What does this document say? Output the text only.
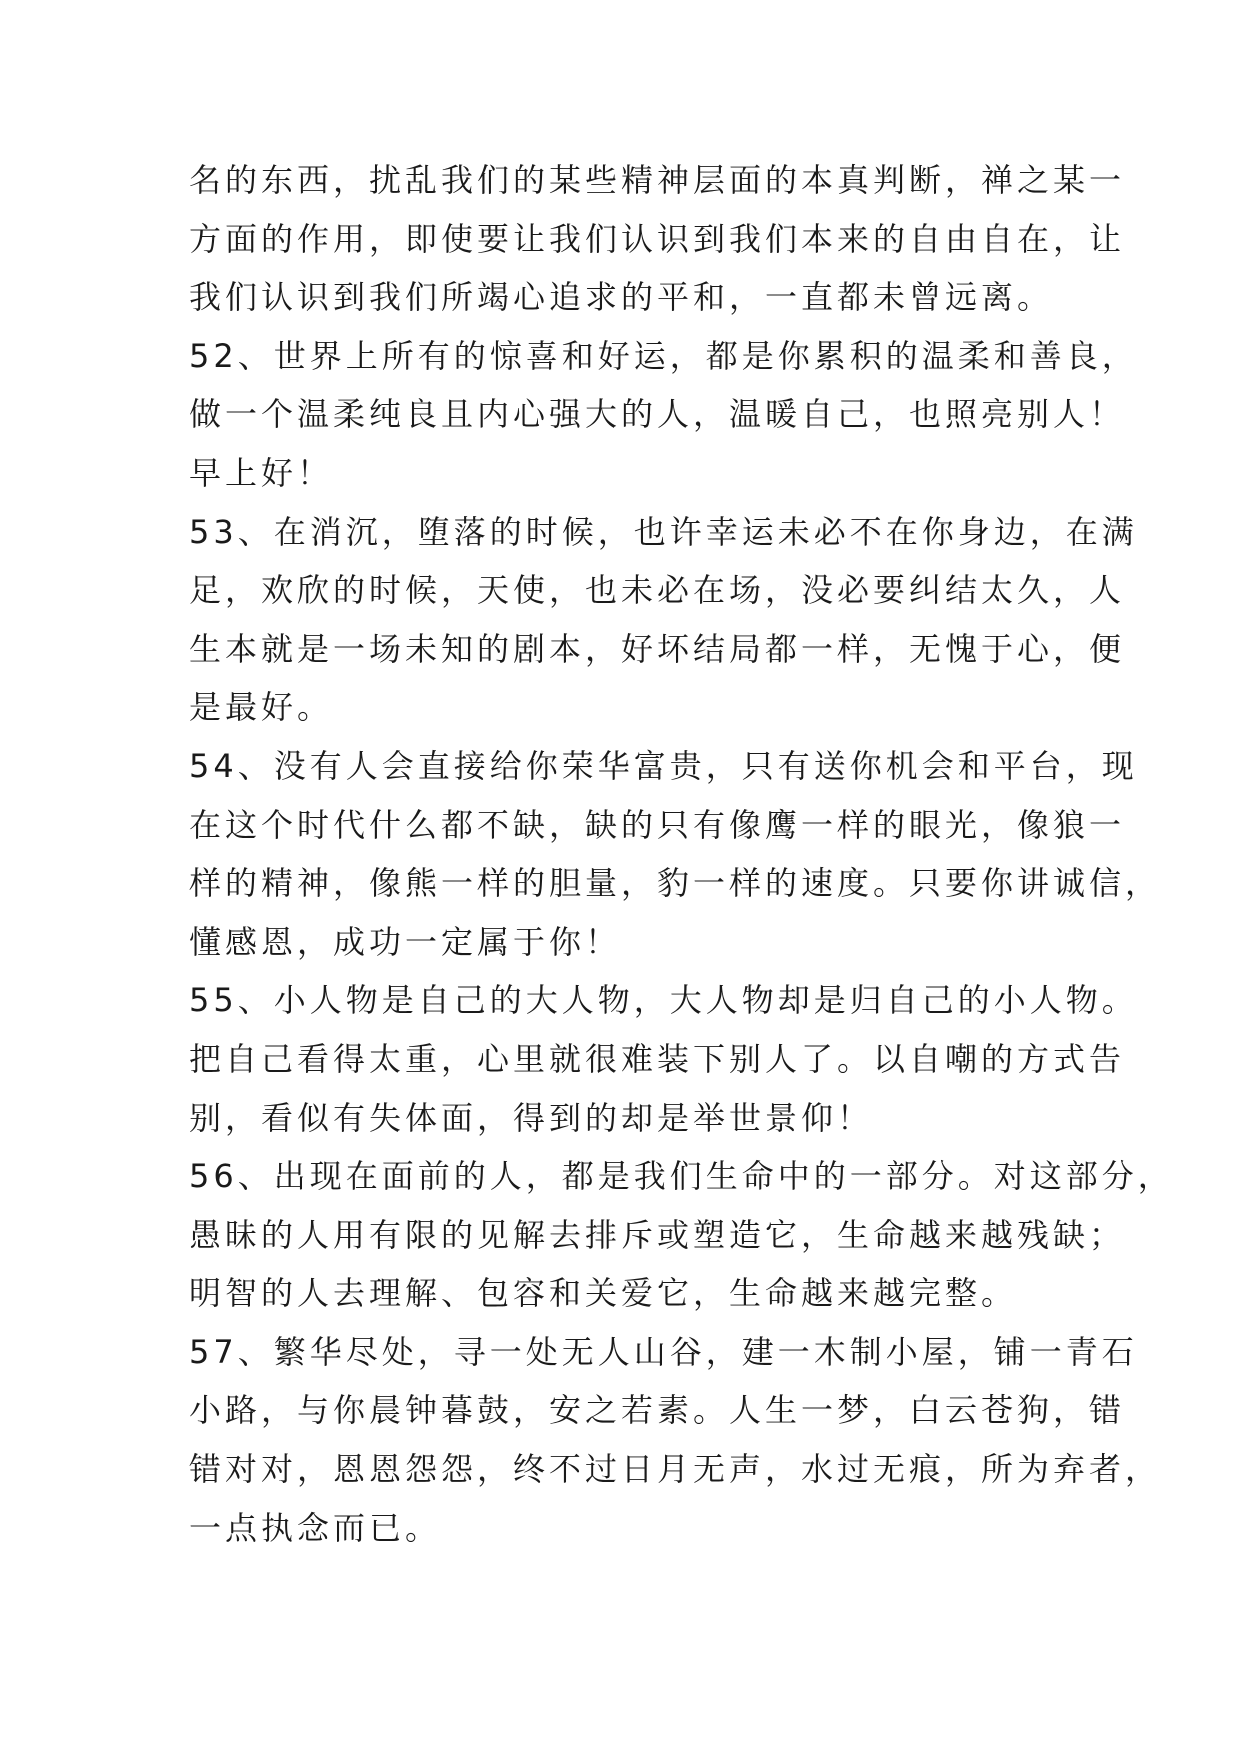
名的东西，扰乱我们的某些精神层面的本真判断，禅之某一
方面的作用，即使要让我们认识到我们本来的自由自在，让
我们认识到我们所竭心追求的平和，一直都未曾远离。
52、世界上所有的惊喜和好运，都是你累积的温柔和善良，
做一个温柔纯良且内心强大的人，温暖自己，也照亮别人！
早上好！
53、在消沉，堕落的时候，也许幸运未必不在你身边，在满
足，欢欣的时候，天使，也未必在场，没必要纠结太久，人
生本就是一场未知的剧本，好坏结局都一样，无愧于心，便
是最好。
54、没有人会直接给你荣华富贵，只有送你机会和平台，现
在这个时代什么都不缺，缺的只有像鹰一样的眼光，像狼一
样的精神，像熊一样的胆量，豹一样的速度。只要你讲诚信，
懂感恩，成功一定属于你！
55、小人物是自己的大人物，大人物却是归自己的小人物。
把自己看得太重，心里就很难装下别人了。以自嘲的方式告
别，看似有失体面，得到的却是举世景仰！
56、出现在面前的人，都是我们生命中的一部分。对这部分，
愚昧的人用有限的见解去排斥或塑造它，生命越来越残缺；
明智的人去理解、包容和关爱它，生命越来越完整。
57、繁华尽处，寻一处无人山谷，建一木制小屋，铺一青石
小路，与你晨钟暮鼓，安之若素。人生一梦，白云苍狗，错
错对对，恩恩怨怨，终不过日月无声，水过无痕，所为弃者，
一点执念而已。
